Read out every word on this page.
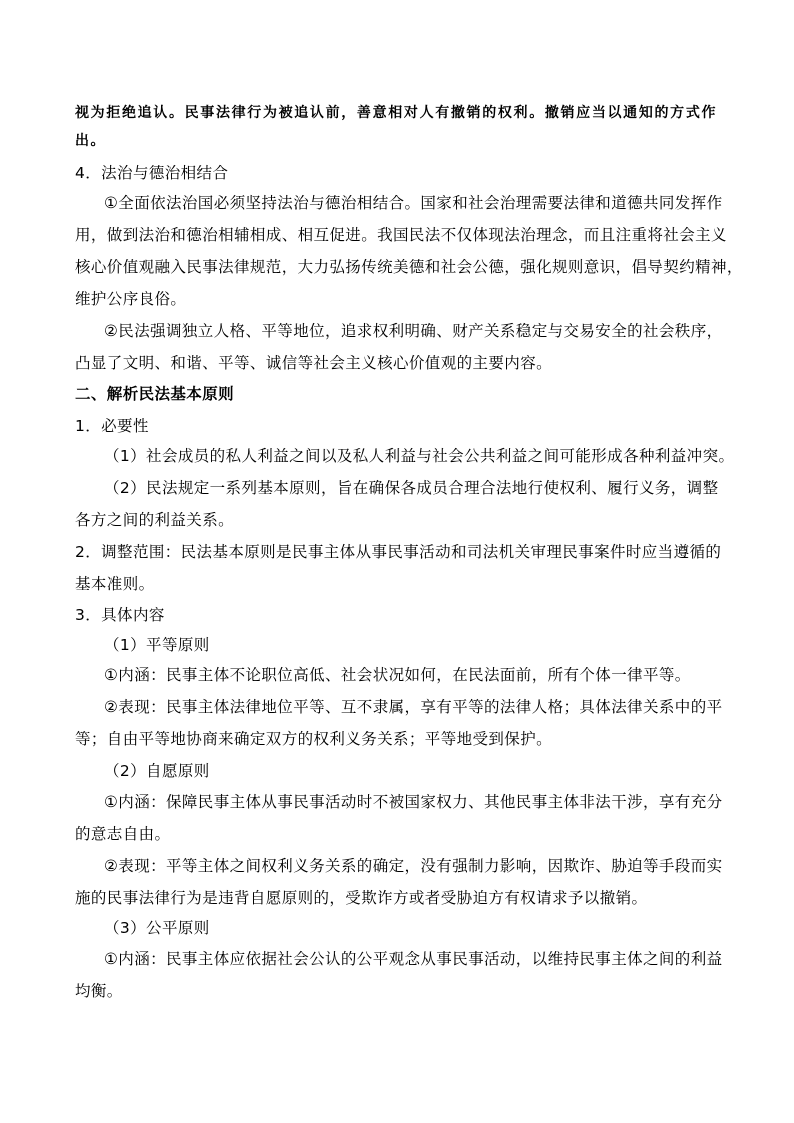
视为拒绝追认。民事法律行为被追认前，善意相对人有撤销的权利。撤销应当以通知的方式作
出。
4．法治与德治相结合
①全面依法治国必须坚持法治与德治相结合。国家和社会治理需要法律和道德共同发挥作
用，做到法治和德治相辅相成、相互促进。我国民法不仅体现法治理念，而且注重将社会主义
核心价值观融入民事法律规范，大力弘扬传统美德和社会公德，强化规则意识，倡导契约精神，
维护公序良俗。
②民法强调独立人格、平等地位，追求权利明确、财产关系稳定与交易安全的社会秩序，
凸显了文明、和谐、平等、诚信等社会主义核心价值观的主要内容。
二、解析民法基本原则
1．必要性
（1）社会成员的私人利益之间以及私人利益与社会公共利益之间可能形成各种利益冲突。
（2）民法规定一系列基本原则，旨在确保各成员合理合法地行使权利、履行义务，调整
各方之间的利益关系。
2．调整范围：民法基本原则是民事主体从事民事活动和司法机关审理民事案件时应当遵循的
基本准则。
3．具体内容
（1）平等原则
①内涵：民事主体不论职位高低、社会状况如何，在民法面前，所有个体一律平等。
②表现：民事主体法律地位平等、互不隶属，享有平等的法律人格；具体法律关系中的平
等；自由平等地协商来确定双方的权利义务关系；平等地受到保护。
（2）自愿原则
①内涵：保障民事主体从事民事活动时不被国家权力、其他民事主体非法干涉，享有充分
的意志自由。
②表现：平等主体之间权利义务关系的确定，没有强制力影响，因欺诈、胁迫等手段而实
施的民事法律行为是违背自愿原则的，受欺诈方或者受胁迫方有权请求予以撤销。
（3）公平原则
①内涵：民事主体应依据社会公认的公平观念从事民事活动，以维持民事主体之间的利益
均衡。
